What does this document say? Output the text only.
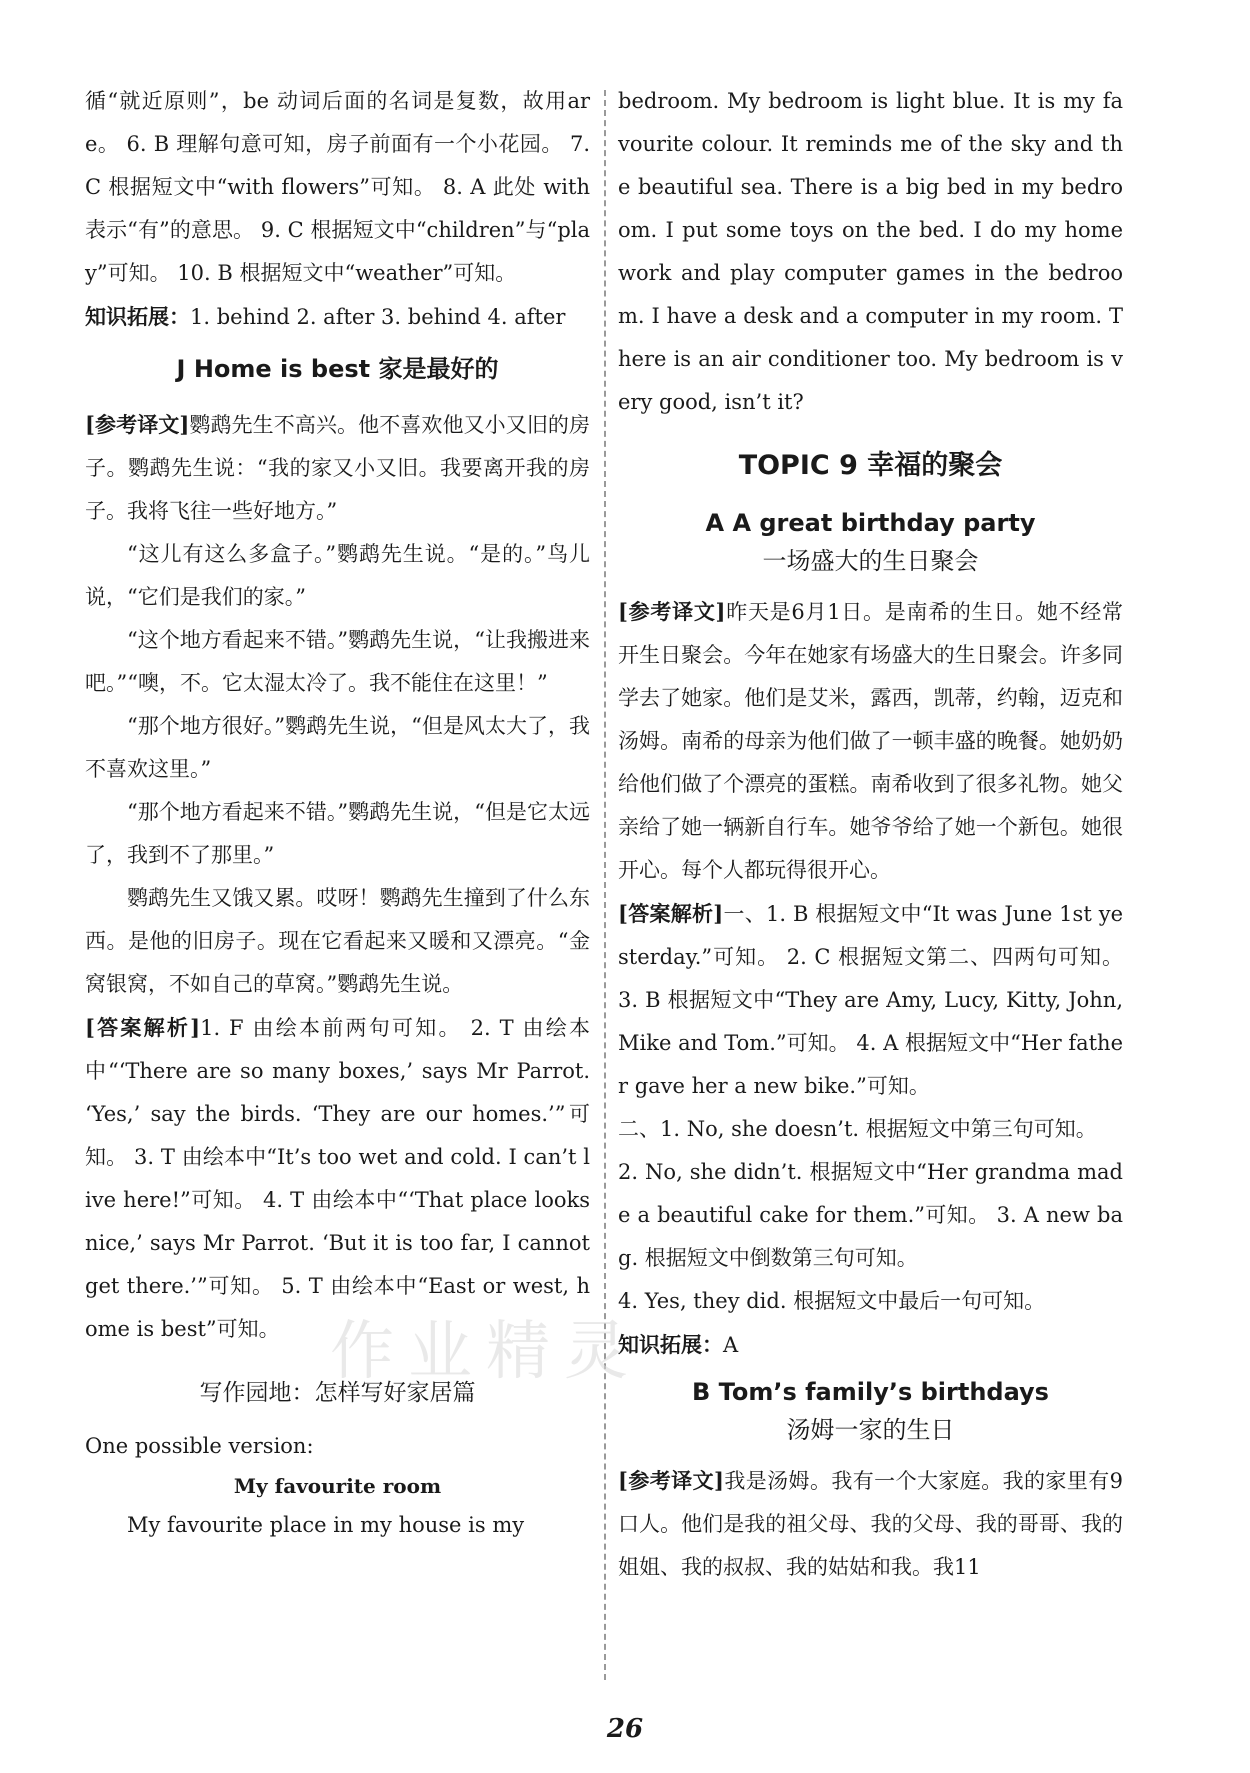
循“就近原则”，be 动词后面的名词是复数，故用are。 6. B 理解句意可知，房子前面有一个小花园。 7. C 根据短文中“with flowers”可知。 8. A 此处 with 表示“有”的意思。 9. C 根据短文中“children”与“play”可知。 10. B 根据短文中“weather”可知。

知识拓展：1. behind 2. after 3. behind 4. after

J Home is best 家是最好的

[参考译文]鹦鹉先生不高兴。他不喜欢他又小又旧的房子。鹦鹉先生说：“我的家又小又旧。我要离开我的房子。我将飞往一些好地方。”

“这儿有这么多盒子。”鹦鹉先生说。“是的。”鸟儿说，“它们是我们的家。”

“这个地方看起来不错。”鹦鹉先生说，“让我搬进来吧。”“噢，不。它太湿太冷了。我不能住在这里！”

“那个地方很好。”鹦鹉先生说，“但是风太大了，我不喜欢这里。”

“那个地方看起来不错。”鹦鹉先生说，“但是它太远了，我到不了那里。”

鹦鹉先生又饿又累。哎呀！鹦鹉先生撞到了什么东西。是他的旧房子。现在它看起来又暖和又漂亮。“金窝银窝，不如自己的草窝。”鹦鹉先生说。

[答案解析]1. F 由绘本前两句可知。 2. T 由绘本中“‘There are so many boxes,’ says Mr Parrot. ‘Yes,’ say the birds. ‘They are our homes.’”可知。 3. T 由绘本中“It’s too wet and cold. I can’t live here!”可知。 4. T 由绘本中“‘That place looks nice,’ says Mr Parrot. ‘But it is too far, I cannot get there.’”可知。 5. T 由绘本中“East or west, home is best”可知。

写作园地：怎样写好家居篇

One possible version:

My favourite room

My favourite place in my house is my

bedroom. My bedroom is light blue. It is my favourite colour. It reminds me of the sky and the beautiful sea. There is a big bed in my bedroom. I put some toys on the bed. I do my homework and play computer games in the bedroom. I have a desk and a computer in my room. There is an air conditioner too. My bedroom is very good, isn’t it?

TOPIC 9 幸福的聚会
A A great birthday party
一场盛大的生日聚会

[参考译文]昨天是6月1日。是南希的生日。她不经常开生日聚会。今年在她家有场盛大的生日聚会。许多同学去了她家。他们是艾米，露西，凯蒂，约翰，迈克和汤姆。南希的母亲为他们做了一顿丰盛的晚餐。她奶奶给他们做了个漂亮的蛋糕。南希收到了很多礼物。她父亲给了她一辆新自行车。她爷爷给了她一个新包。她很开心。每个人都玩得很开心。

[答案解析]一、1. B 根据短文中“It was June 1st yesterday.”可知。 2. C 根据短文第二、四两句可知。 3. B 根据短文中“They are Amy, Lucy, Kitty, John, Mike and Tom.”可知。 4. A 根据短文中“Her father gave her a new bike.”可知。

二、1. No, she doesn’t. 根据短文中第三句可知。

2. No, she didn’t. 根据短文中“Her grandma made a beautiful cake for them.”可知。 3. A new bag. 根据短文中倒数第三句可知。

4. Yes, they did. 根据短文中最后一句可知。

知识拓展：A

B Tom’s family’s birthdays
汤姆一家的生日

[参考译文]我是汤姆。我有一个大家庭。我的家里有9口人。他们是我的祖父母、我的父母、我的哥哥、我的姐姐、我的叔叔、我的姑姑和我。我11

作业精灵
26
